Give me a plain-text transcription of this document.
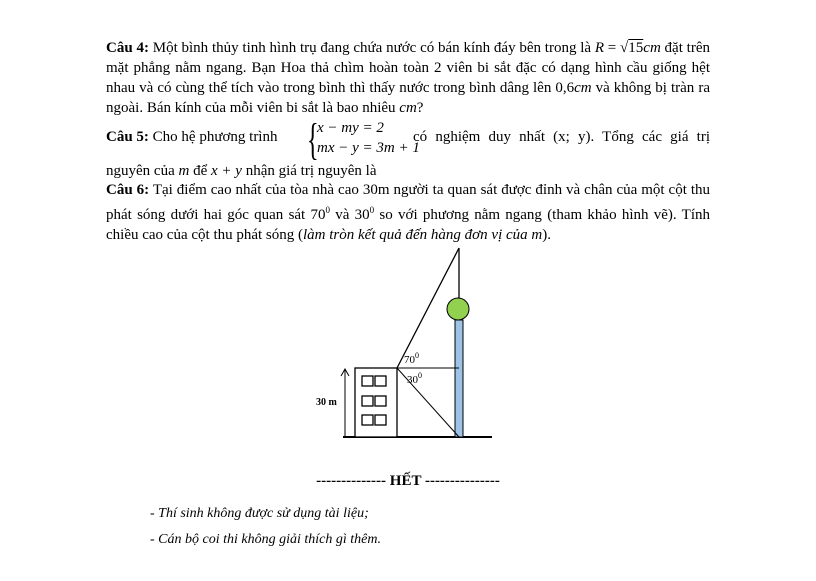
Câu 4: Một bình thủy tinh hình trụ đang chứa nước có bán kính đáy bên trong là R = √15cm đặt trên mặt phẳng nằm ngang. Bạn Hoa thả chìm hoàn toàn 2 viên bi sắt đặc có dạng hình cầu giống hệt nhau và có cùng thể tích vào trong bình thì thấy nước trong bình dâng lên 0,6cm và không bị tràn ra ngoài. Bán kính của mỗi viên bi sắt là bao nhiêu cm?
Câu 5: Cho hệ phương trình {
x − my = 2
mx − y = 3m + 1
có nghiệm duy nhất (x; y). Tổng các giá trị
nguyên của m để x + y nhận giá trị nguyên là
Câu 6: Tại điểm cao nhất của tòa nhà cao 30m người ta quan sát được đỉnh và chân của một cột thu phát sóng dưới hai góc quan sát $70^0$ và $30^0$ so với phương nằm ngang (tham khảo hình vẽ). Tính chiều cao của cột thu phát sóng (làm tròn kết quả đến hàng đơn vị của m).
30 m
$70^0$
$30^0$
-------------- HẾT ---------------
- Thí sinh không được sử dụng tài liệu;
- Cán bộ coi thi không giải thích gì thêm.
